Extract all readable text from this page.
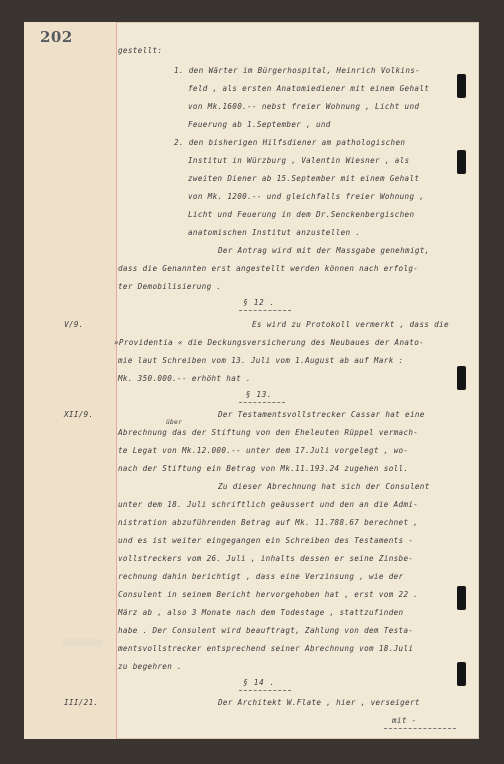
202
gestellt:
1. den Wärter im Bürgerhospital, Heinrich Volkins-
feld , als ersten Anatomiediener mit einem Gehalt
von Mk.1600.-- nebst freier Wohnung , Licht und
Feuerung ab 1.September , und
2. den bisherigen Hilfsdiener am pathologischen
Institut in Würzburg , Valentin Wiesner , als
zweiten Diener ab 15.September mit einem Gehalt
von Mk. 1200.-- und gleichfalls freier Wohnung ,
Licht und Feuerung in dem Dr.Senckenbergischen
anatomischen Institut anzustellen .
Der Antrag wird mit der Massgabe genehmigt,
dass die Genannten erst angestellt werden können nach erfolg-
ter Demobilisierung .
§ 12 .
V/9.	Es wird zu Protokoll vermerkt , dass die
»Providentia « die Deckungsversicherung des Neubaues der Anato-
mie laut Schreiben vom 13. Juli vom 1.August ab auf Mark :
Mk. 350.000.-- erhöht hat .
§ 13.
XII/9.	Der Testamentsvollstrecker Cassar hat eine
Abrechnung das der Stiftung von den Eheleuten Rüppel vermach-
über
te Legat von Mk.12.000.-- unter dem 17.Juli vorgelegt , wo-
nach der Stiftung ein Betrag von Mk.11.193.24 zugehen soll.
Zu dieser Abrechnung hat sich der Consulent
unter dem 18. Juli schriftlich geäussert und den an die Admi-
nistration abzuführenden Betrag auf Mk. 11.788.67 berechnet ,
und es ist weiter eingegangen ein Schreiben des Testaments -
vollstreckers vom 26. Juli , inhalts dessen er seine Zinsbe-
rechnung dahin berichtigt , dass eine Verzinsung , wie der
Consulent in seinem Bericht hervorgehoben hat , erst vom 22 .
März ab , also 3 Monate nach dem Todestage , stattzufinden
habe . Der Consulent wird beauftragt, Zahlung von dem Testa-
mentsvollstrecker entsprechend seiner Abrechnung vom 18.Juli
zu begehren .
§ 14 .
III/21.	Der Architekt W.Flate , hier , verseigert
mit -
